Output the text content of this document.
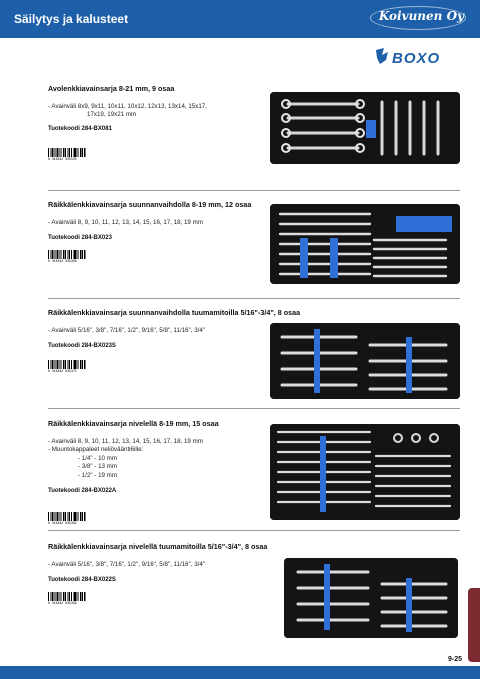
Säilytys ja kalusteet	Koivunen Oy
BOXO
Avolenkkiavainsarja 8-21 mm, 9 osaa
- Avainväli 8x9, 9x11, 10x11, 10x12, 12x13, 13x14, 15x17,
17x19, 19x21 mm
Tuotekoodi 284-BX081
6 416442 035535
Räikkälenkkiavainsarja suunnanvaihdolla 8-19 mm, 12 osaa
- Avainväli 8, 9, 10, 11, 12, 13, 14, 15, 16, 17, 18, 19 mm
Tuotekoodi 284-BX023
6 416442 035368
Räikkälenkkiavainsarja suunnanvaihdolla tuumamitoilla 5/16"-3/4", 8 osaa
- Avainväli 5/16", 3/8", 7/16", 1/2", 9/16", 5/8", 11/16", 3/4"
Tuotekoodi 284-BX023S
6 416442 035375
Räikkälenkkiavainsarja nivelellä 8-19 mm, 15 osaa
- Avainväli 8, 9, 10, 11, 12, 13, 14, 15, 16, 17, 18, 19 mm
- Muuntokappaleet neliöväänti6ille:
- 1/4" - 10 mm
- 3/8" - 13 mm
- 1/2" - 19 mm
Tuotekoodi 284-BX022A
6 416442 035382
Räikkälenkkiavainsarja nivelellä tuumamitoilla 5/16"-3/4", 8 osaa
- Avainväli 5/16", 3/8", 7/16", 1/2", 9/16", 5/8", 11/16", 3/4"
Tuotekoodi 284-BX022S
6 416442 035399
9-25
